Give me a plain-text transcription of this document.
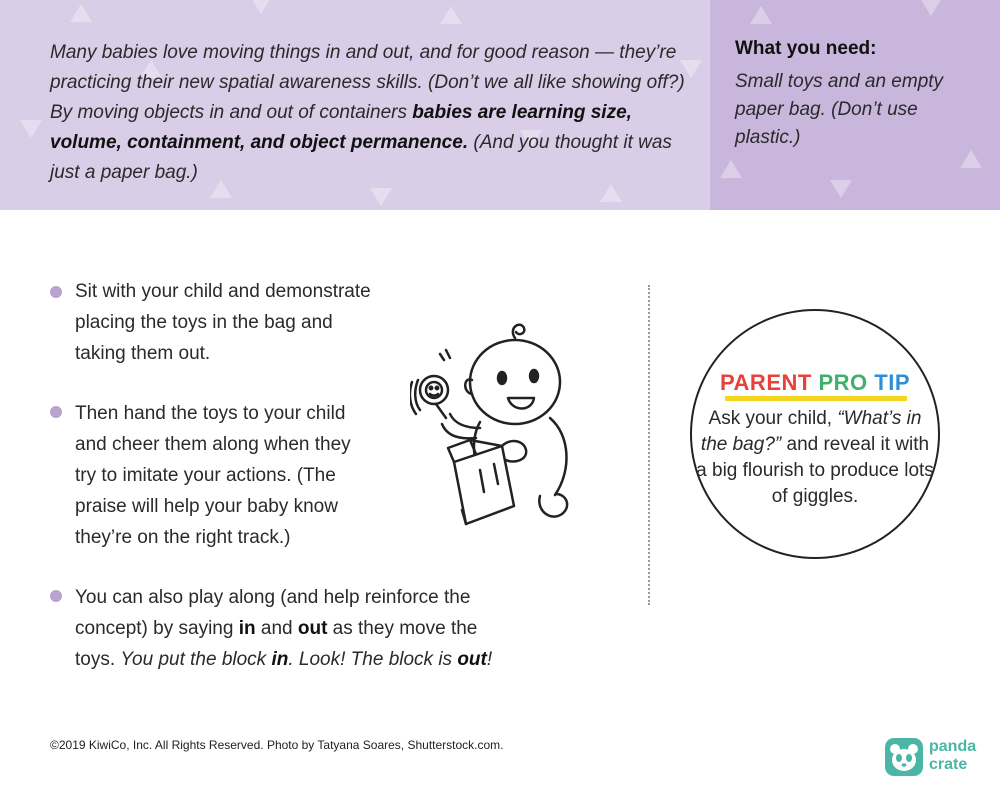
Many babies love moving things in and out, and for good reason — they’re practicing their new spatial awareness skills. (Don’t we all like showing off?) By moving objects in and out of containers babies are learning size, volume, containment, and object permanence. (And you thought it was just a paper bag.)

What you need:

Small toys and an empty paper bag. (Don’t use plastic.)

Sit with your child and demonstrate
placing the toys in the bag and
taking them out.

Then hand the toys to your child
and cheer them along when they
try to imitate your actions. (The
praise will help your baby know
they’re on the right track.)

You can also play along (and help reinforce the
concept) by saying in and out as they move the
toys. You put the block in. Look! The block is out!

PARENT PRO TIP

Ask your child, “What’s in the bag?” and reveal it with a big flourish to produce lots of giggles.

©2019 KiwiCo, Inc. All Rights Reserved. Photo by Tatyana Soares, Shutterstock.com.	panda
crate
